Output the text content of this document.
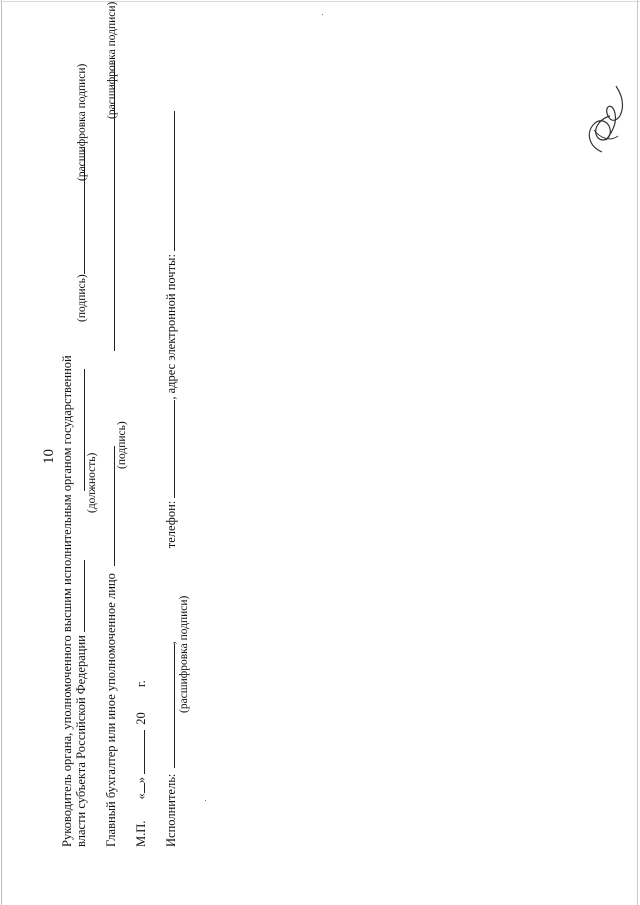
10 Руководитель органа, уполномоченного высшим исполнительным органом государственной власти субъекта Российской Федерации
(должность)
(подпись)
(расшифровка подписи)
Главный бухгалтер или иное уполномоченное лицо
(подпись)
(расшифровка подписи)
М.П. «»  20 г.
Исполнитель: , телефон: , адрес электронной почты:
(расшифровка подписи)
